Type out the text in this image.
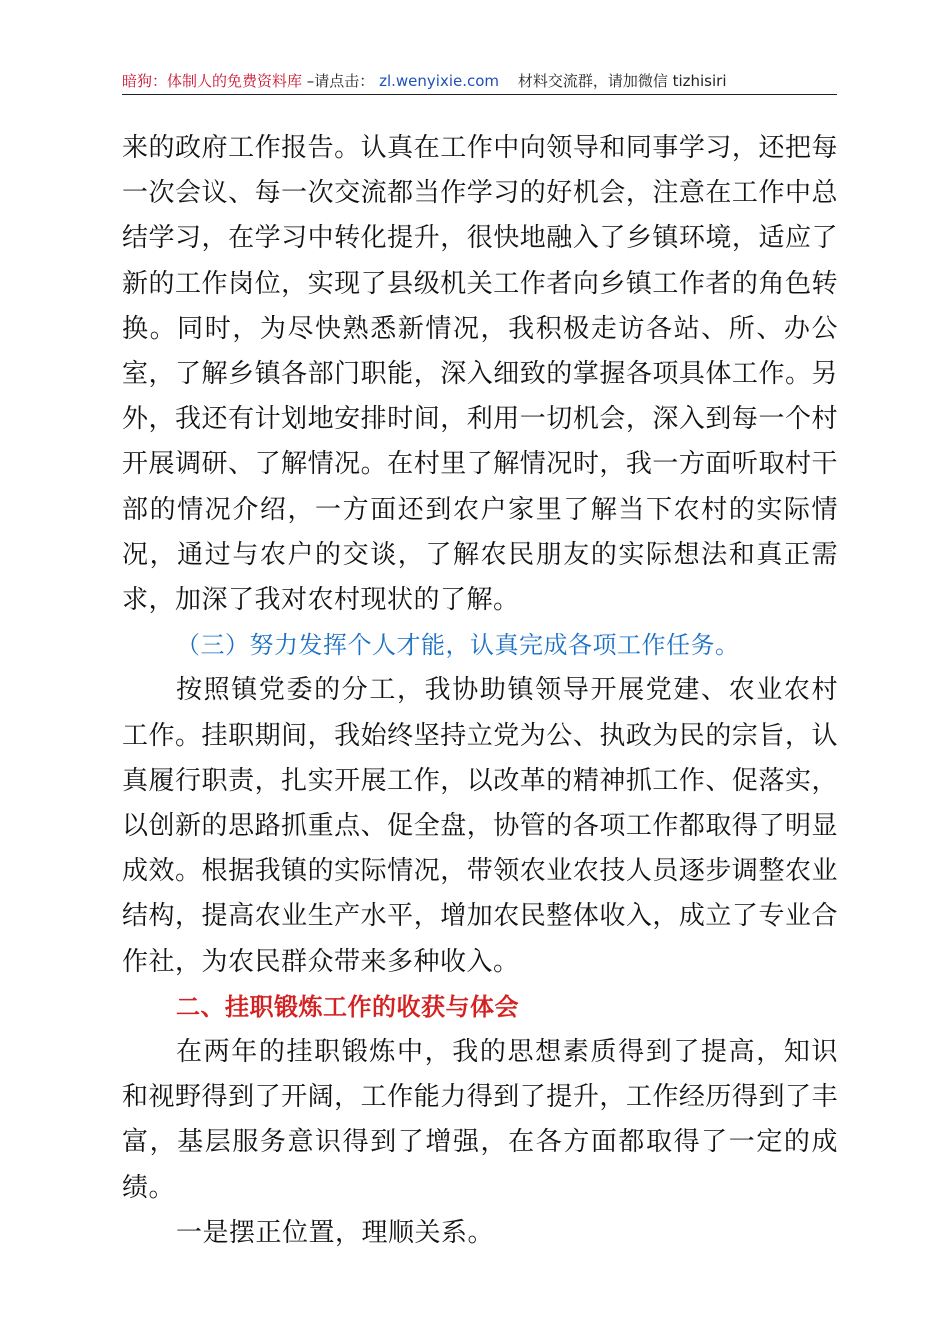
暗狗：体制人的免费资料库 –请点击： zl.wenyixie.com 材料交流群，请加微信 tizhisiri

来的政府工作报告。认真在工作中向领导和同事学习，还把每一次会议、每一次交流都当作学习的好机会，注意在工作中总结学习，在学习中转化提升，很快地融入了乡镇环境，适应了新的工作岗位，实现了县级机关工作者向乡镇工作者的角色转换。同时，为尽快熟悉新情况，我积极走访各站、所、办公室，了解乡镇各部门职能，深入细致的掌握各项具体工作。另外，我还有计划地安排时间，利用一切机会，深入到每一个村开展调研、了解情况。在村里了解情况时，我一方面听取村干部的情况介绍，一方面还到农户家里了解当下农村的实际情况，通过与农户的交谈，了解农民朋友的实际想法和真正需求，加深了我对农村现状的了解。

（三）努力发挥个人才能，认真完成各项工作任务。

按照镇党委的分工，我协助镇领导开展党建、农业农村工作。挂职期间，我始终坚持立党为公、执政为民的宗旨，认真履行职责，扎实开展工作，以改革的精神抓工作、促落实，以创新的思路抓重点、促全盘，协管的各项工作都取得了明显成效。根据我镇的实际情况，带领农业农技人员逐步调整农业结构，提高农业生产水平，增加农民整体收入，成立了专业合作社，为农民群众带来多种收入。

二、挂职锻炼工作的收获与体会

在两年的挂职锻炼中，我的思想素质得到了提高，知识和视野得到了开阔，工作能力得到了提升，工作经历得到了丰富，基层服务意识得到了增强，在各方面都取得了一定的成绩。

一是摆正位置，理顺关系。
